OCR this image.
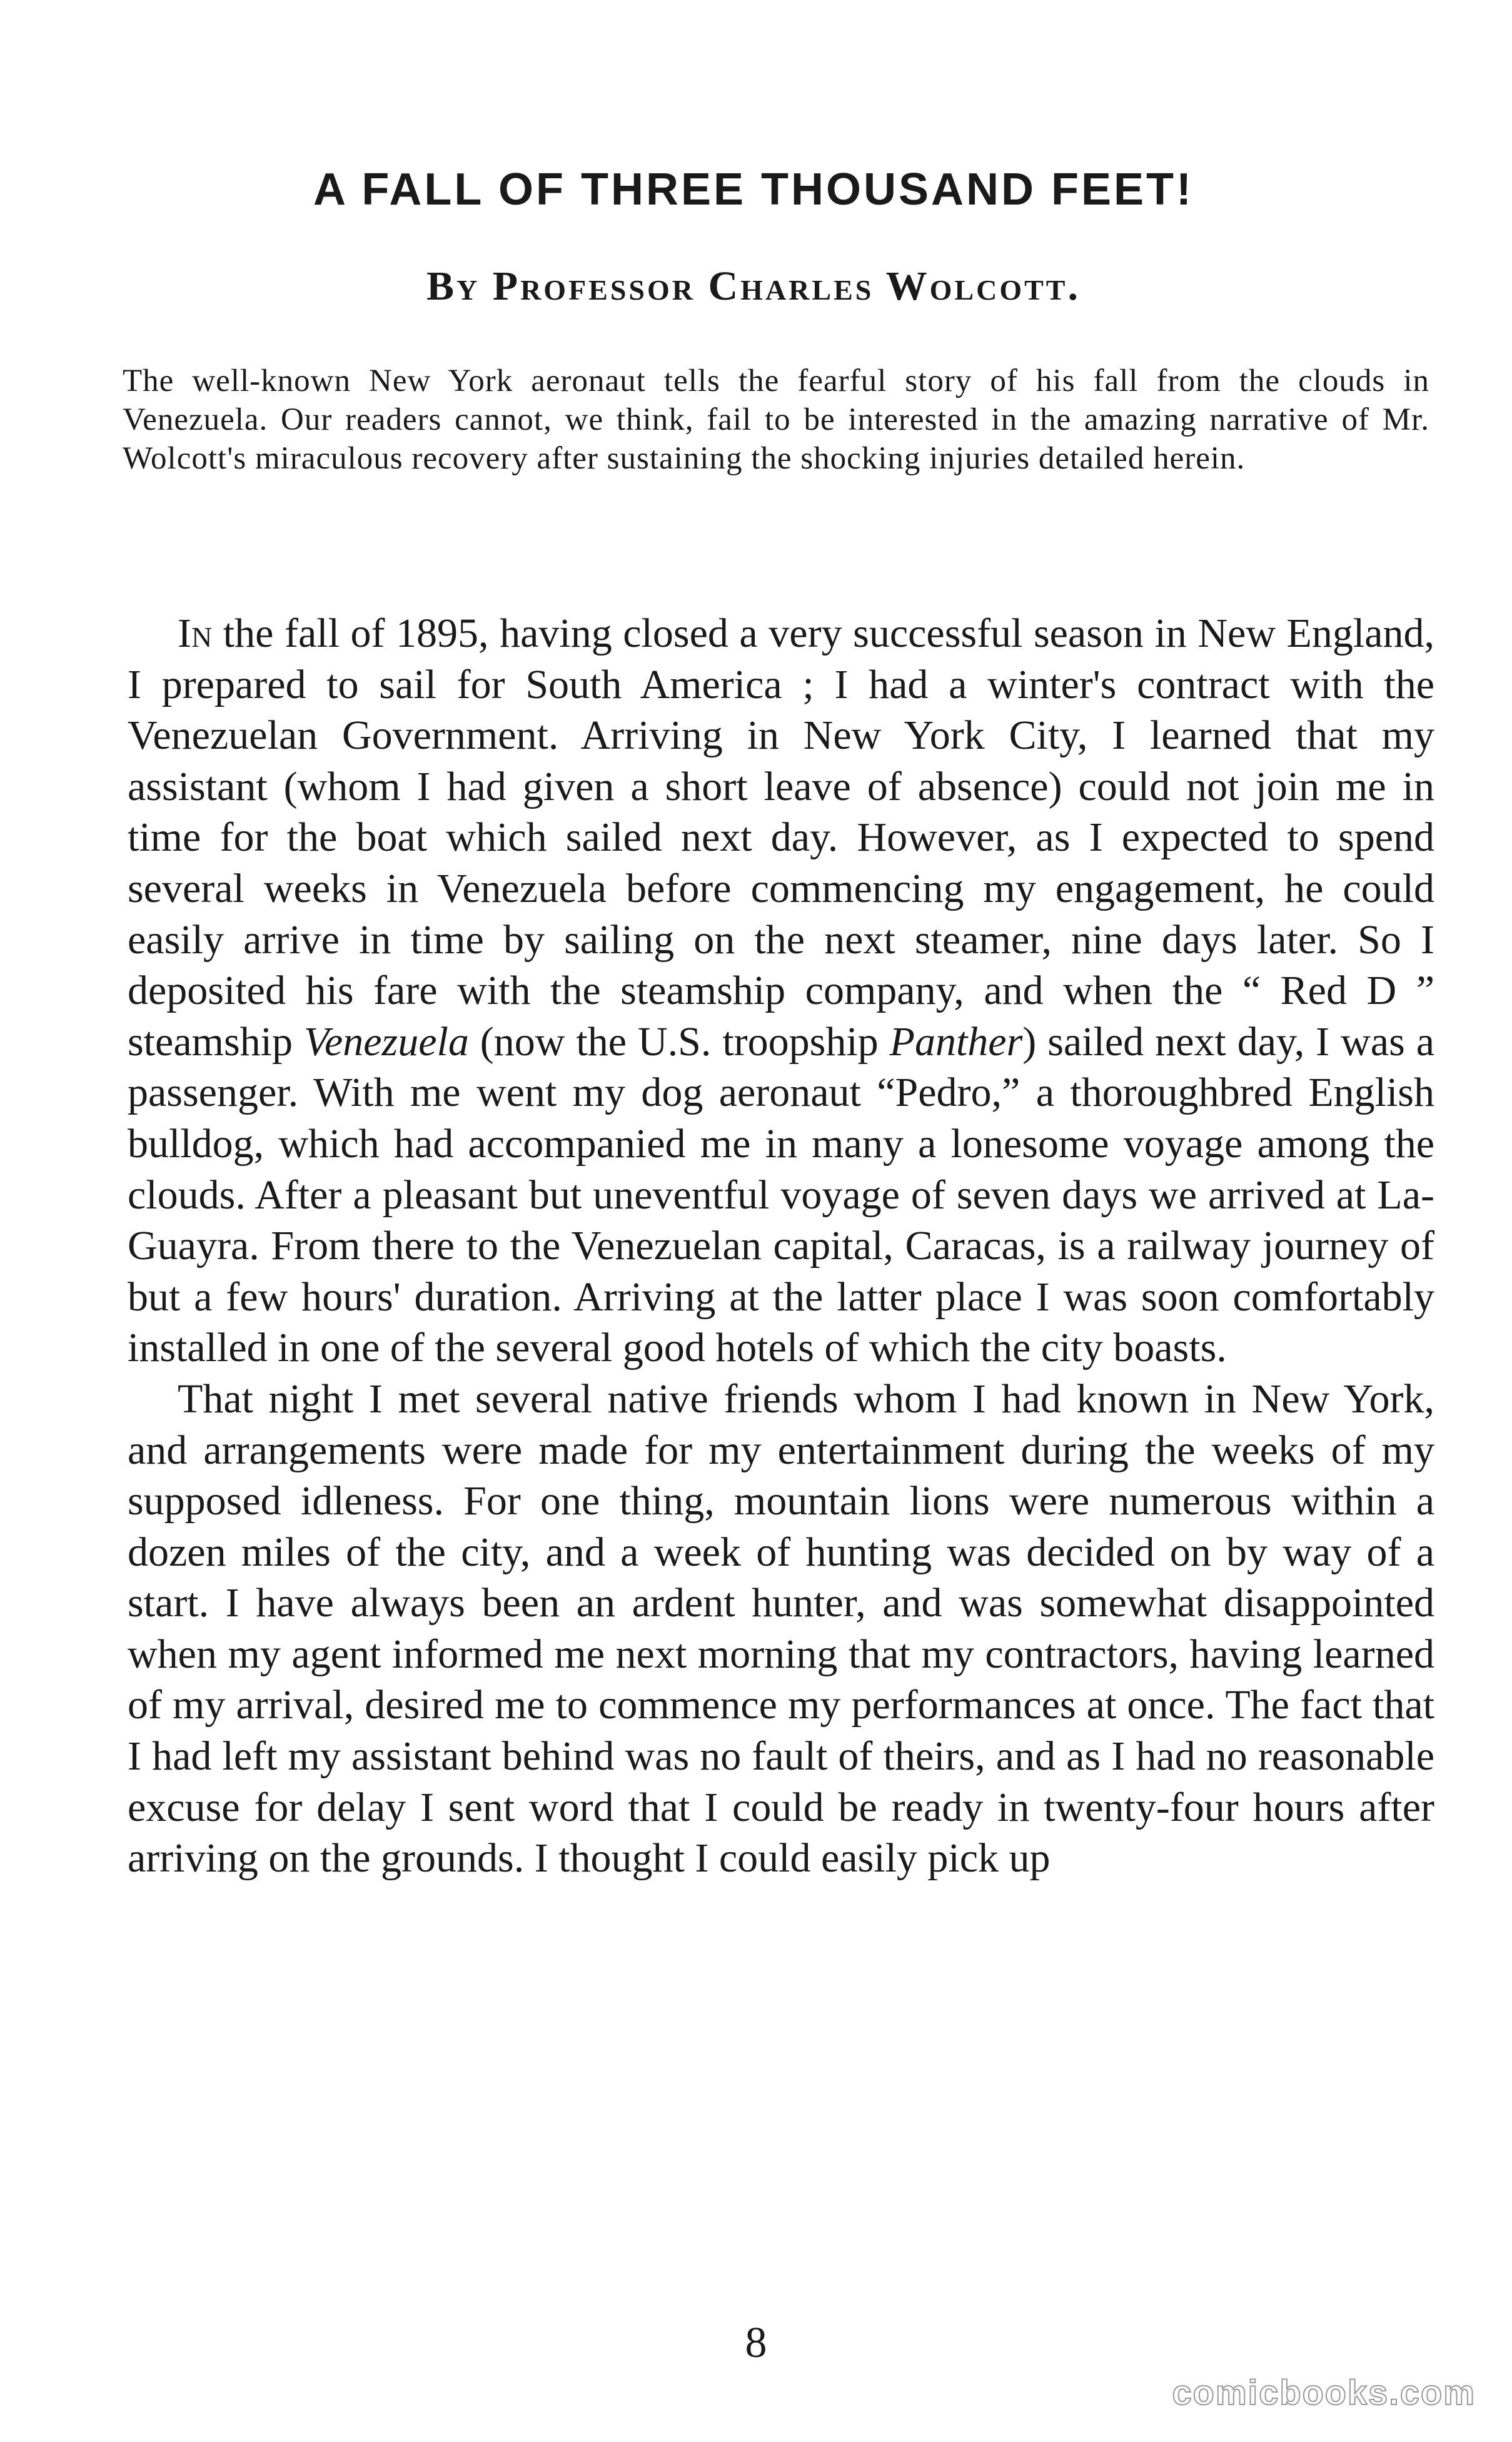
A FALL OF THREE THOUSAND FEET!
By Professor Charles Wolcott.

The well-known New York aeronaut tells the fearful story of his fall from the clouds in Venezuela. Our readers cannot, we think, fail to be interested in the amazing narrative of Mr. Wolcott's miraculous recovery after sustaining the shocking injuries detailed herein.

In the fall of 1895, having closed a very successful season in New England, I prepared to sail for South America ; I had a winter's contract with the Venezuelan Government. Arriving in New York City, I learned that my assistant (whom I had given a short leave of absence) could not join me in time for the boat which sailed next day. However, as I expected to spend several weeks in Venezuela before commencing my engagement, he could easily arrive in time by sailing on the next steamer, nine days later. So I deposited his fare with the steamship company, and when the “ Red D ” steamship Venezuela (now the U.S. troopship Panther) sailed next day, I was a passenger. With me went my dog aeronaut “Pedro,” a thoroughbred English bulldog, which had accompanied me in many a lonesome voyage among the clouds. After a pleasant but uneventful voyage of seven days we arrived at La-Guayra. From there to the Venezuelan capital, Caracas, is a railway journey of but a few hours' duration. Arriving at the latter place I was soon comfortably installed in one of the several good hotels of which the city boasts.

That night I met several native friends whom I had known in New York, and arrangements were made for my entertainment during the weeks of my supposed idleness. For one thing, mountain lions were numerous within a dozen miles of the city, and a week of hunting was decided on by way of a start. I have always been an ardent hunter, and was somewhat disappointed when my agent informed me next morning that my contractors, having learned of my arrival, desired me to commence my performances at once. The fact that I had left my assistant behind was no fault of theirs, and as I had no reasonable excuse for delay I sent word that I could be ready in twenty-four hours after arriving on the grounds. I thought I could easily pick up

8
comicbooks.com
